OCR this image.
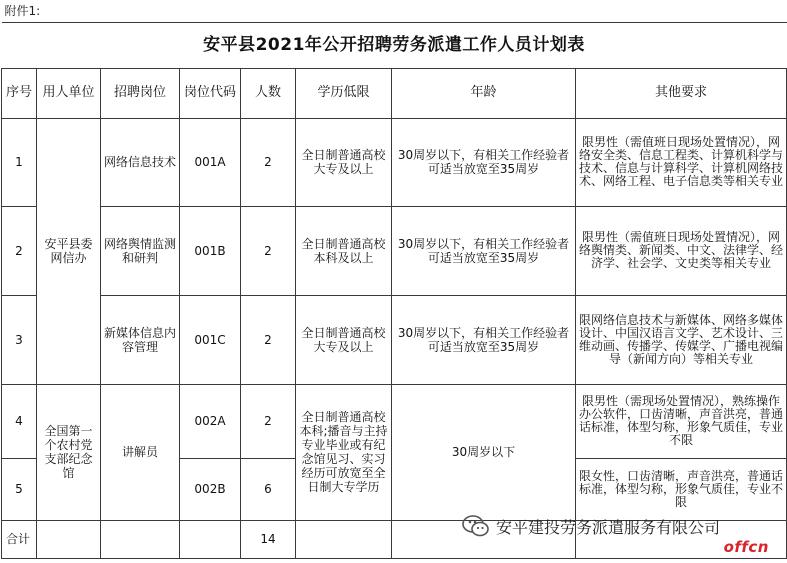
附件1:							
安平县2021年公开招聘劳务派遣工作人员计划表							
序号	用人单位	招聘岗位	岗位代码	人数	学历低限	年龄	其他要求
1	安平县委网信办	网络信息技术	001A	2	全日制普通高校大专及以上	30周岁以下，有相关工作经验者可适当放宽至35周岁	限男性（需值班日现场处置情况），网络安全类、信息工程类、计算机科学与技术、信息与计算科学、计算机网络技术、网络工程、电子信息类等相关专业
2		网络舆情监测和研判	001B	2	全日制普通高校本科及以上	30周岁以下，有相关工作经验者可适当放宽至35周岁	限男性（需值班日现场处置情况），网络舆情类、新闻类、中文、法律学、经济学、社会学、文史类等相关专业
3		新媒体信息内容管理	001C	2	全日制普通高校大专及以上	30周岁以下，有相关工作经验者可适当放宽至35周岁	限网络信息技术与新媒体、网络多媒体设计、中国汉语言文学、艺术设计、三维动画、传播学、传媒学、广播电视编导（新闻方向）等相关专业
4	全国第一个农村党支部纪念馆	讲解员	002A	2	全日制普通高校本科;播音与主持专业毕业或有纪念馆见习、实习经历可放宽至全日制大专学历	30周岁以下	限男性（需现场处置情况），熟练操作办公软件，口齿清晰，声音洪亮，普通话标准，体型匀称，形象气质佳，专业不限
5			002B	6			限女性，口齿清晰，声音洪亮，普通话标准，体型匀称，形象气质佳，专业不限
合计				14			
安平建投劳务派遣服务有限公司
offcn
